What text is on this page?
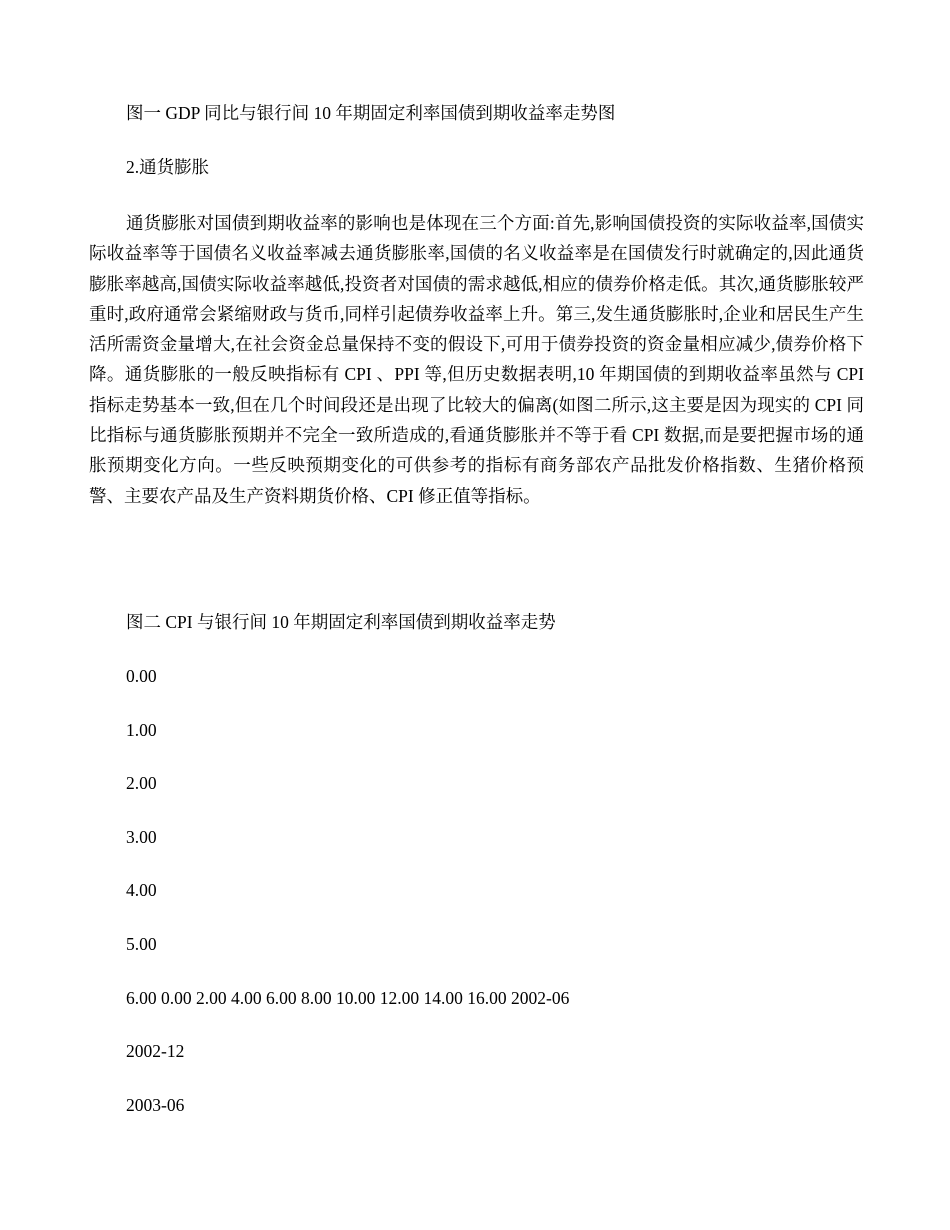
图一 GDP 同比与银行间 10 年期固定利率国债到期收益率走势图
2.通货膨胀

通货膨胀对国债到期收益率的影响也是体现在三个方面:首先,影响国债投资的实际收益率,国债实际收益率等于国债名义收益率减去通货膨胀率,国债的名义收益率是在国债发行时就确定的,因此通货膨胀率越高,国债实际收益率越低,投资者对国债的需求越低,相应的债券价格走低。其次,通货膨胀较严重时,政府通常会紧缩财政与货币,同样引起债券收益率上升。第三,发生通货膨胀时,企业和居民生产生活所需资金量增大,在社会资金总量保持不变的假设下,可用于债券投资的资金量相应减少,债券价格下降。通货膨胀的一般反映指标有 CPI 、PPI 等,但历史数据表明,10 年期国债的到期收益率虽然与 CPI 指标走势基本一致,但在几个时间段还是出现了比较大的偏离(如图二所示,这主要是因为现实的 CPI 同比指标与通货膨胀预期并不完全一致所造成的,看通货膨胀并不等于看 CPI 数据,而是要把握市场的通胀预期变化方向。一些反映预期变化的可供参考的指标有商务部农产品批发价格指数、生猪价格预警、主要农产品及生产资料期货价格、CPI 修正值等指标。

图二 CPI 与银行间 10 年期固定利率国债到期收益率走势
0.00
1.00
2.00
3.00
4.00
5.00
6.00 0.00 2.00 4.00 6.00 8.00 10.00 12.00 14.00 16.00 2002-06
2002-12
2003-06
